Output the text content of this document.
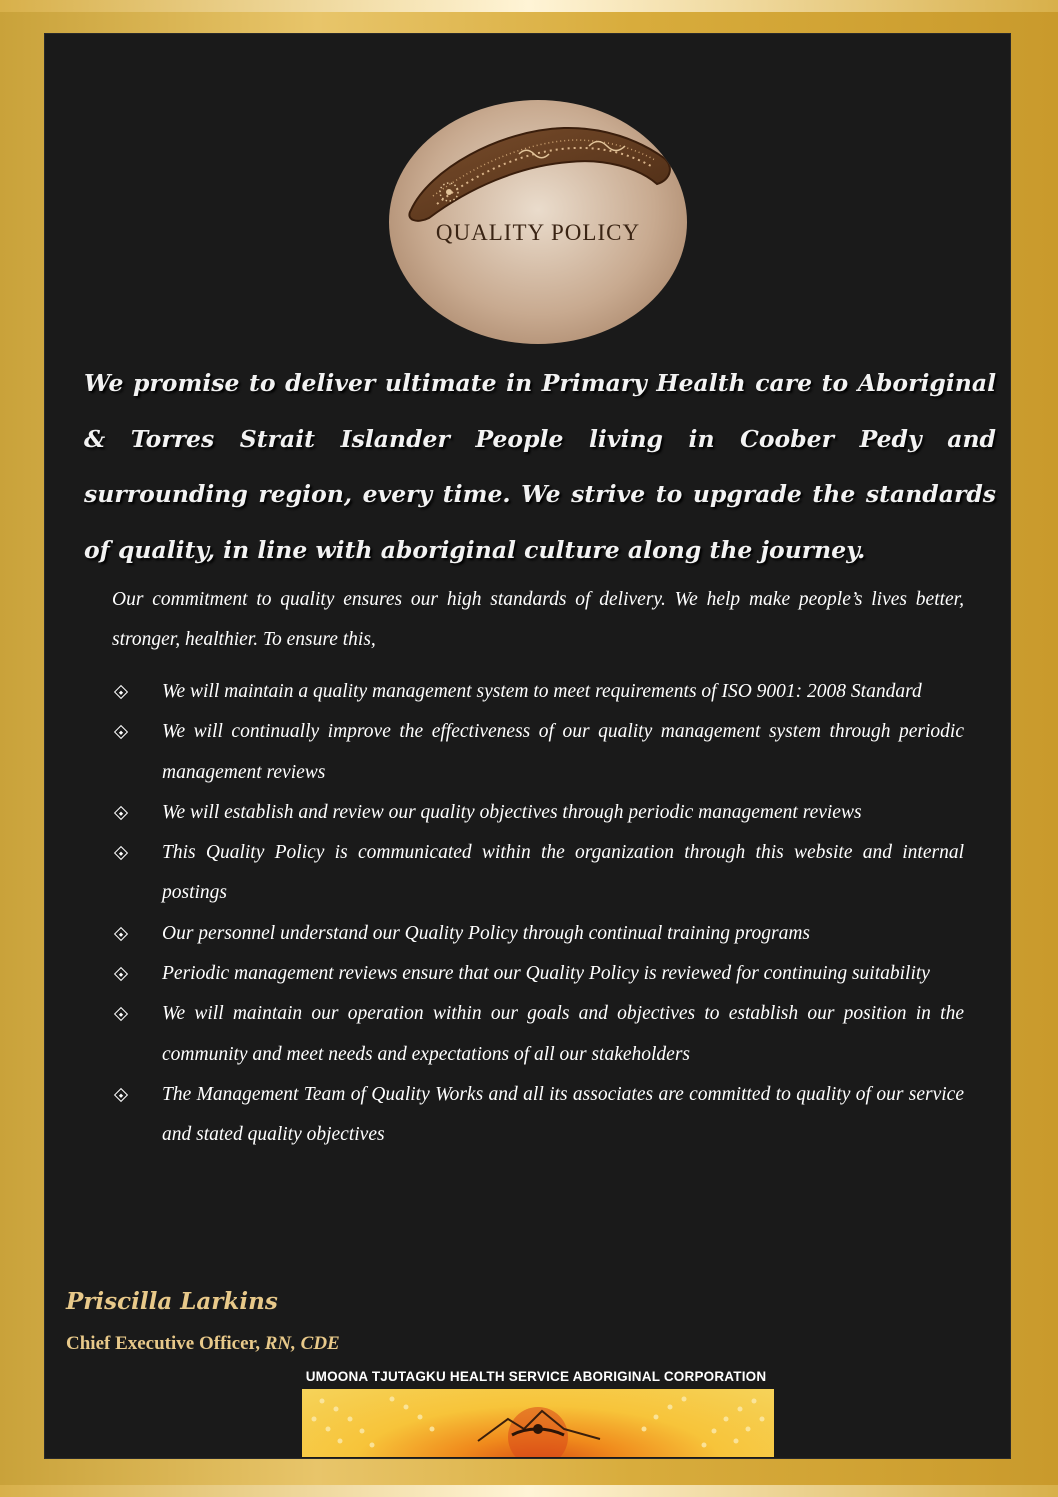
QUALITY POLICY

We promise to deliver ultimate in Primary Health care to Aboriginal & Torres Strait Islander People living in Coober Pedy and surrounding region, every time. We strive to upgrade the standards of quality, in line with aboriginal culture along the journey.

Our commitment to quality ensures our high standards of delivery. We help make people’s lives better, stronger, healthier. To ensure this,

We will maintain a quality management system to meet requirements of ISO 9001: 2008 Standard
We will continually improve the effectiveness of our quality management system through periodic management reviews
We will establish and review our quality objectives through periodic management reviews
This Quality Policy is communicated within the organization through this website and internal postings
Our personnel understand our Quality Policy through continual training programs
Periodic management reviews ensure that our Quality Policy is reviewed for continuing suitability
We will maintain our operation within our goals and objectives to establish our position in the community and meet needs and expectations of all our stakeholders
The Management Team of Quality Works and all its associates are committed to quality of our service and stated quality objectives

Priscilla Larkins

Chief Executive Officer, RN, CDE

UMOONA TJUTAGKU HEALTH SERVICE ABORIGINAL CORPORATION
